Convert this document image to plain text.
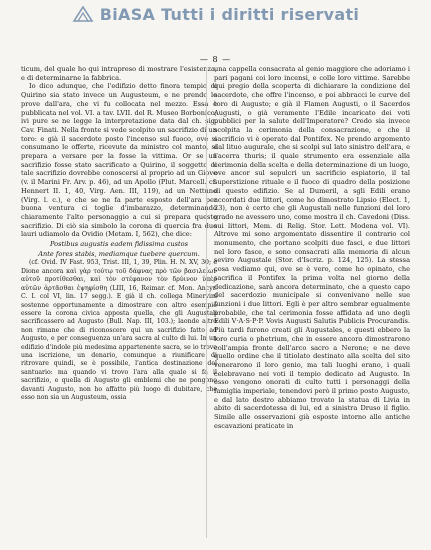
BiASA Tutti i diritti riservati
— 8 —

ticum, del quale ho qui intrapreso di mostrare l'esistenza, e di determinarne la fabbrica.

Io dico adunque, che l'edifizio detto finora tempio di Quirino sia stato invece un Augusteum, e ne prendo le prove dall'ara, che vi fu collocata nel mezzo. Essa è pubblicata nel vol. VI. a tav. LVII. del R. Museo Borbonico; ivi pure se ne legge la interpretazione data dal ch. sig. Cav. Finati. Nella fronte si vede scolpito un sacrifizio di un toro: e già il sacerdote posto l'incenso sul fuoco, ove si consumano le offerte, ricevute da ministro col manto, si prepara a versare per la fosse la vittima. Or se un sacrifizio fosse stato sacrificato a Quirino, il soggetto di tale sacrifizio dovrebbe conoscersi al proprio ad un Giove (v. il Marini Fr. Arv. p. 46), ad un Apollo (Plut. Marcell. cf. Hennert II. 1, 40, Virg. Aen. III, 119), ad un Nettuno (Virg. l. c.), e che se ne fa parte esposto dell'ara per buona ventura ci toglie d'imbarazzo, determinando chiaramente l'alto personaggio a cui si prepara questo sacrifizio. Di ciò sia simbolo la corona di quercia fra due lauri udiamolo da Ovidio (Metam. I, 562), che dice:

Postibus augustis eadem fidissima custos

Ante fores stabis, mediamque tuebere quercum.

(cf. Ovid. IV Fast. 953, Trist. III, 1, 39, Plin. H. N. XV, 30; e Dione ancora καὶ γὰρ τούτῳ τοῦ δάφνας πρὸ τῶν βασιλείων αὐτοῦ προτίθεσθαι, καὶ τὸν στέφανον τὸν δρύινον ὑπὲρ αὐτῶν ἀρτᾶσθαι ἐψηφίσθη (LIII, 16, Reimar. cf. Mon. Ancyr. C. I. col VI, lin. 17 segg.). E già il ch. collega Minervini sostenne opportunamente a dimostrare con altro esempio essere la corona civica apposta quella, che gli Augustali sacrificassero ad Augusto (Bull. Nap. III, 103.); laonde altro non rimane che di riconoscere qui un sacrifizio fatto ad Augusto, e per conseguenza un'ara sacra al culto di lui. In un edifizio d'indole più medesima appartenente sacra, se io trovo una iscrizione, un denario, comunque a riunificare di ritrovare quindi, se è possibile, l'antica destinazione del santuario: ma quando vi trovo l'ara alla quale si fa il sacrifizio, e quella di Augusto gli emblemi che ne pongono davanti Augusto, non ho affatto più luogo di dubitare, che esso non sia un Augusteum, ossia

una cappella consacrata al genio maggiore che adoriamo i pari pagani coi loro incensi, e colle loro vittime. Sarebbe qui pregio della scoperta di dichiarare la condizione del sacerdote, che offre l'incenso, e poi abbracci le curve del toro di Augusto; e già il Flamen Augusti, o il Sacerdos Augusti, o già veramente l'Edile incaricato dei voti pubblici per la salute dell'Imperatore? Credo sia invece scolpita la cerimonia della consacrazione, e che il sacrificio vi è operato dal Pontifex. Ne prendo argomento dal lituo augurale, che si scolpì sul lato sinistro dell'ara, e l'acerra thuris; il quale strumento era essenziale alla cerimonia della scelta e della determinazione di un luogo, ove ancor sul sepulcri un sacrificio espiatorio, il tal superstizione rituale e il fuoco di quadro della posizione di questo edifizio. Se al Dumeril, a sgli Edili erano accordati due littori, come ho dimostrato Lipsio (Elect. 1, 23), non è certo che gli Augustali nelle funzioni del loro grado ne avessero uno, come mostra il ch. Cavedoni (Diss. sui littori, Mem. di Relig. Stor. Lett. Modena vol. VI). Altrove mi sono argomentato dissentire il contrario col monumento, che portano scolpiti due fasci, e due littori nel loro fasce, e sono consacrati alla memoria di alcun seviro Augustale (Stor. d'Iscriz. p. 124, 125). La stessa cosa vediamo qui, ove se è vero, come ho opinato, che sacrifica il Pontifex la prima volta nel giorno della dedicazione, sarà ancora determinato, che a questo capo del sacerdozio municipale si convenivano nelle sue funzioni i due littori. Egli è per altro sembrar egualmente probabile, che tal cerimonia fosse affidata ad uno degli Edili V·A·S·P·P. Vovis Augusti Salutis Publicis Procurandis. Più tardi furono creati gli Augustales, e questi ebbero la loro curia o phetrium, che in essere ancora dimostrarono coll'ampia fronte dell'arco sacro a Nerone; e ne deve quello ordine che il titiolato destinato alla scelta del sito venerarono il loro genio, ma tali luoghi erano, i quali celebravano nei voti il tempio dedicato ad Augusto. In esso vengono onorati di culto tutti i personaggi della famiglia imperiale, tenendovi però il primo posto Augusto, e dal lato destro abbiamo trovato la statua di Livia in abito di sacerdotessa di lui, ed a sinistra Druso il figlio. Simile alle osservazioni già esposte intorno alle antiche escavazioni praticate in
